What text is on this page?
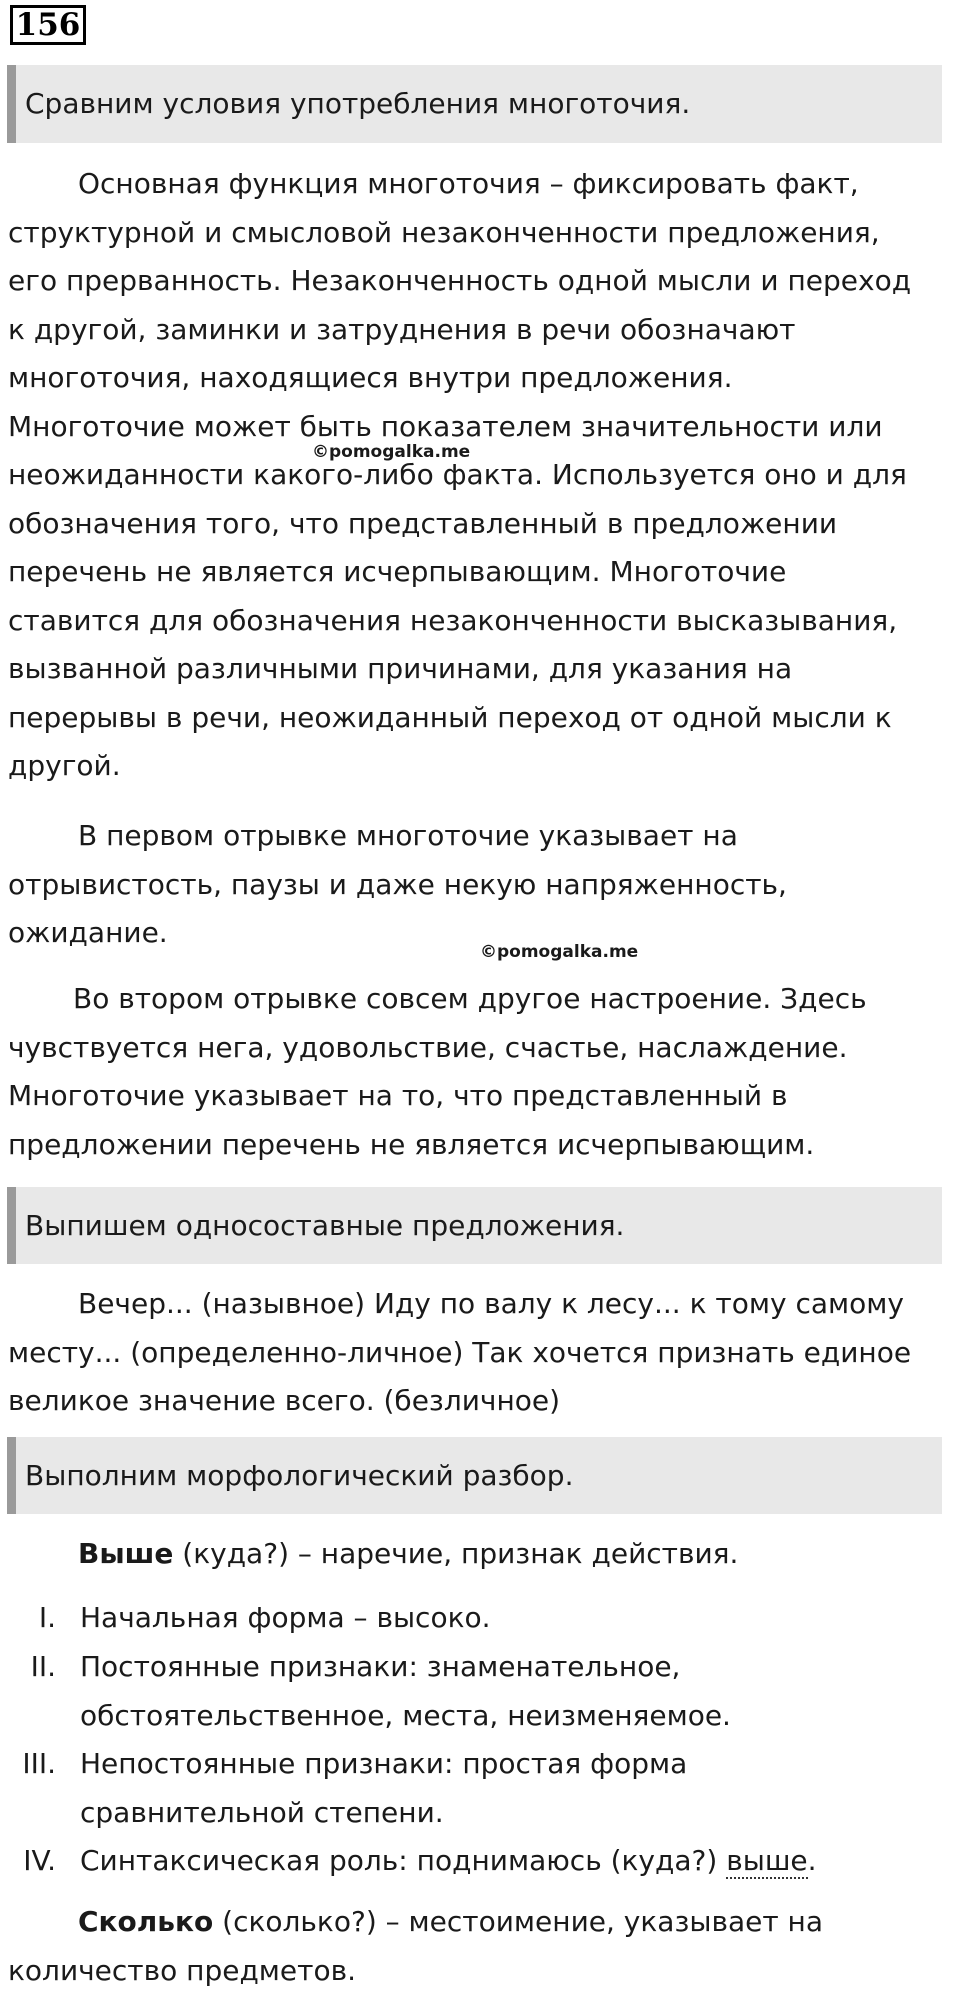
156
Сравним условия употребления многоточия.
Основная функция многоточия – фиксировать факт,
структурной и смысловой незаконченности предложения,
его прерванность. Незаконченность одной мысли и переход
к другой, заминки и затруднения в речи обозначают
многоточия, находящиеся внутри предложения.
Многоточие может быть показателем значительности или
неожиданности какого-либо факта. Используется оно и для
обозначения того, что представленный в предложении
перечень не является исчерпывающим. Многоточие
ставится для обозначения незаконченности высказывания,
вызванной различными причинами, для указания на
перерывы в речи, неожиданный переход от одной мысли к
другой.
©pomogalka.me
В первом отрывке многоточие указывает на
отрывистость, паузы и даже некую напряженность,
ожидание.
©pomogalka.me
Во втором отрывке совсем другое настроение. Здесь
чувствуется нега, удовольствие, счастье, наслаждение.
Многоточие указывает на то, что представленный в
предложении перечень не является исчерпывающим.
Выпишем односоставные предложения.
Вечер... (назывное) Иду по валу к лесу... к тому самому
месту... (определенно-личное) Так хочется признать единое
великое значение всего. (безличное)
Выполним морфологический разбор.
Выше (куда?) – наречие, признак действия.
I. Начальная форма – высоко.
II. Постоянные признаки: знаменательное,
обстоятельственное, места, неизменяемое.
III. Непостоянные признаки: простая форма
сравнительной степени.
IV. Синтаксическая роль: поднимаюсь (куда?) выше.
Сколько (сколько?) – местоимение, указывает на
количество предметов.
